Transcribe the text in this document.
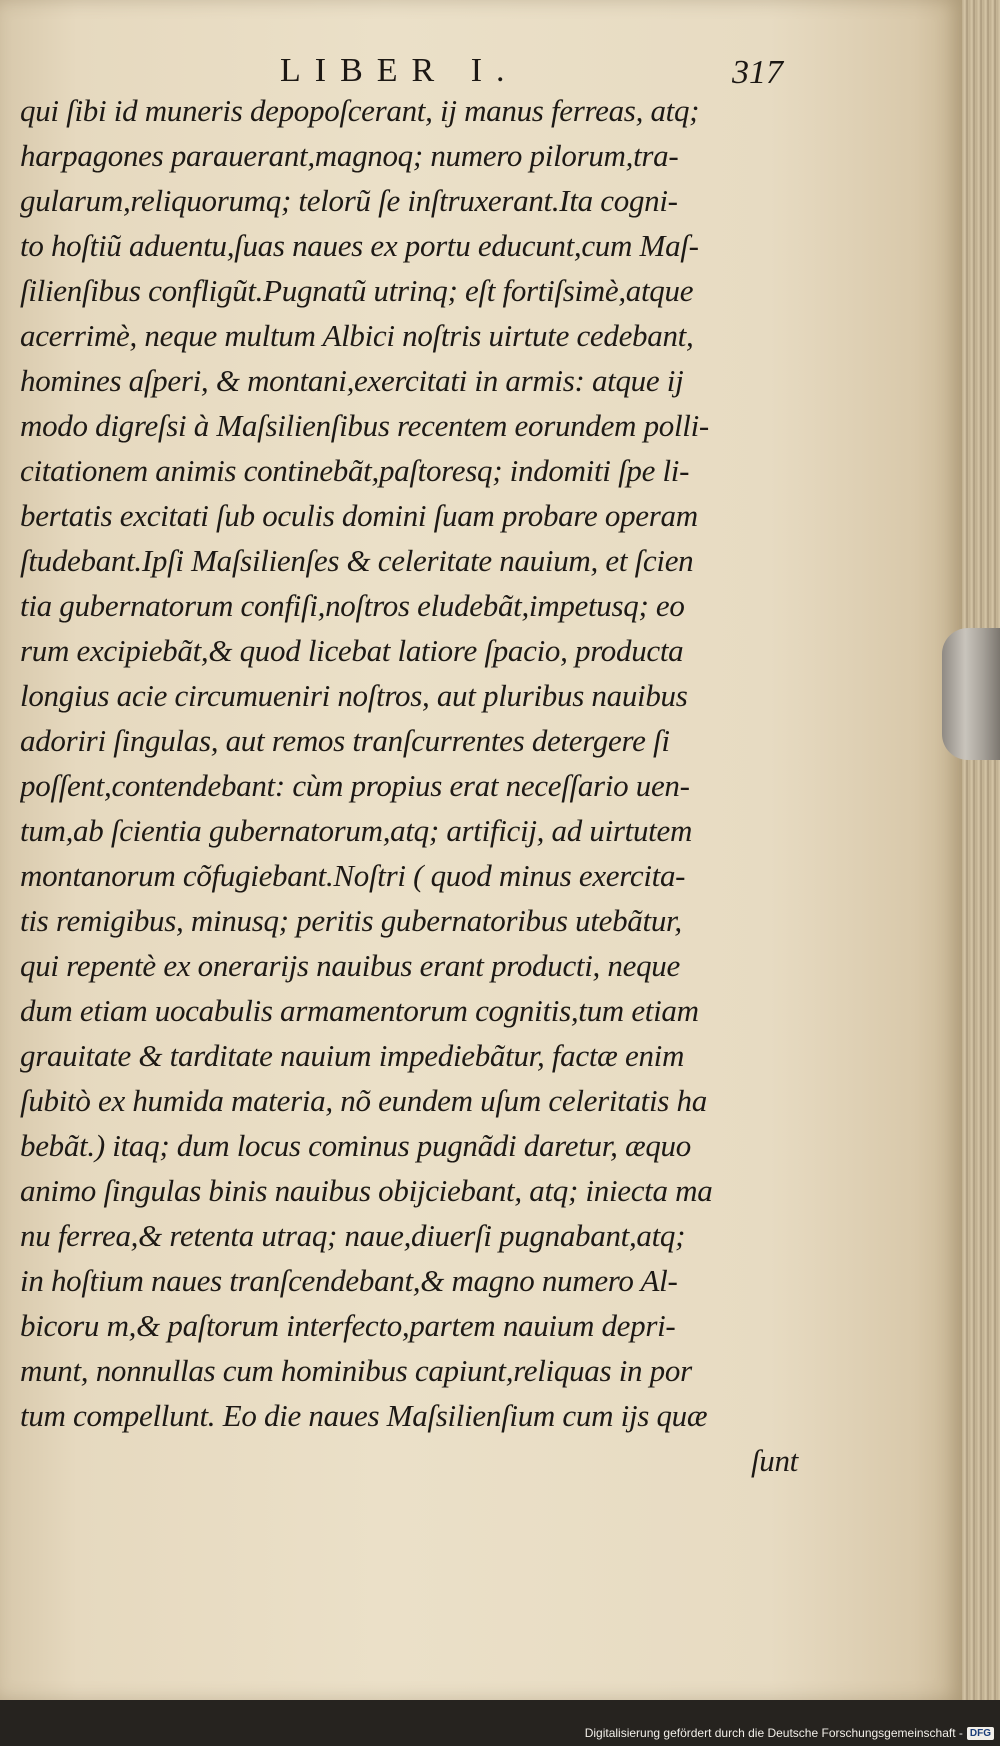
LIBER I.	317
qui ſibi id muneris depopoſcerant, ij manus ferreas, atq;
harpagones parauerant,magnoq; numero pilorum,tra-
gularum,reliquorumq; telorũ ſe inſtruxerant.Ita cogni-
to hoſtiũ aduentu,ſuas naues ex portu educunt,cum Maſ-
ſilienſibus confligũt.Pugnatũ utrinq; eſt fortiſsimè,atque
acerrimè, neque multum Albici noſtris uirtute cedebant,
homines aſperi, & montani,exercitati in armis: atque ij
modo digreſsi à Maſsilienſibus recentem eorundem polli-
citationem animis continebãt,paſtoresq; indomiti ſpe li-
bertatis excitati ſub oculis domini ſuam probare operam
ſtudebant.Ipſi Maſsilienſes & celeritate nauium, et ſcien
tia gubernatorum confiſi,noſtros eludebãt,impetusq; eo
rum excipiebãt,& quod licebat latiore ſpacio, producta
longius acie circumueniri noſtros, aut pluribus nauibus
adoriri ſingulas, aut remos tranſcurrentes detergere ſi
poſſent,contendebant: cùm propius erat neceſſario uen-
tum,ab ſcientia gubernatorum,atq; artificij, ad uirtutem
montanorum cõfugiebant.Noſtri ( quod minus exercita-
tis remigibus, minusq; peritis gubernatoribus utebãtur,
qui repentè ex onerarijs nauibus erant producti, neque
dum etiam uocabulis armamentorum cognitis,tum etiam
grauitate & tarditate nauium impediebãtur, factæ enim
ſubitò ex humida materia, nõ eundem uſum celeritatis ha
bebãt.) itaq; dum locus cominus pugnãdi daretur, æquo
animo ſingulas binis nauibus obijciebant, atq; iniecta ma
nu ferrea,& retenta utraq; naue,diuerſi pugnabant,atq;
in hoſtium naues tranſcendebant,& magno numero Al-
bicoru m,& paſtorum interfecto,partem nauium depri-
munt, nonnullas cum hominibus capiunt,reliquas in por
tum compellunt. Eo die naues Maſsilienſium cum ijs quæ
ſunt
Digitalisierung gefördert durch die Deutsche Forschungsgemeinschaft - DFG
